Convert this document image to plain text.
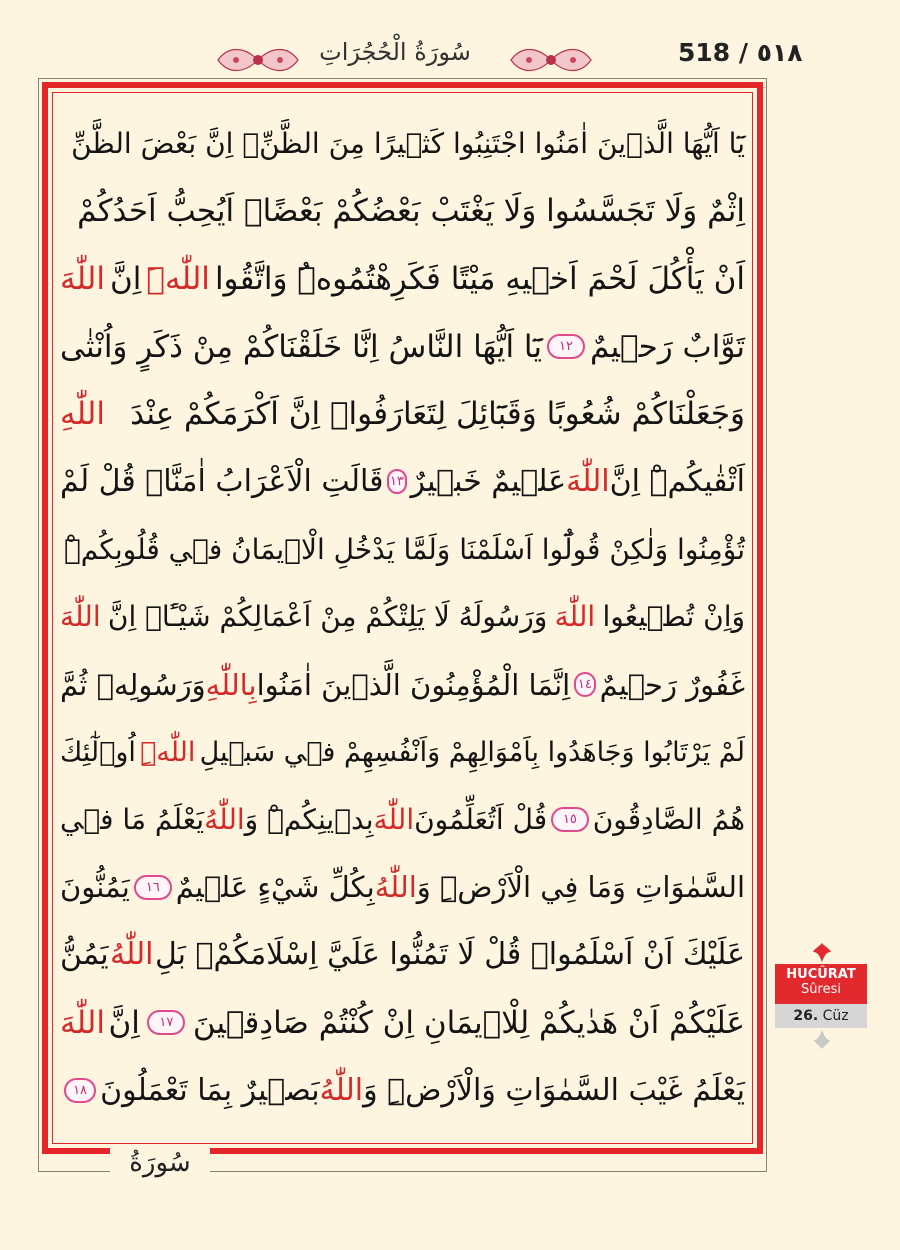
518 / ٥١٨
سُورَةُ الْحُجُرَاتِ
يَٓا اَيُّهَا الَّذ۪ينَ اٰمَنُوا اجْتَنِبُوا كَث۪يرًا مِنَ الظَّنِّۘ اِنَّ بَعْضَ الظَّنِّ
اِثْمٌ وَلَا تَجَسَّسُوا وَلَا يَغْتَبْ بَعْضُكُمْ بَعْضًاۜ اَيُحِبُّ اَحَدُكُمْ
اَنْ يَأْكُلَ لَحْمَ اَخ۪يهِ مَيْتًا فَكَرِهْتُمُوهُۜ وَاتَّقُوا
اللّٰهَۜ
اِنَّ
اللّٰهَ
تَوَّابٌ رَح۪يمٌ
١٢
يَٓا اَيُّهَا النَّاسُ اِنَّا خَلَقْنَاكُمْ مِنْ ذَكَرٍ وَاُنْثٰى
وَجَعَلْنَاكُمْ شُعُوبًا وَقَبَٓائِلَ لِتَعَارَفُواۜ اِنَّ اَكْرَمَكُمْ عِنْدَ
اللّٰهِ
اَتْقٰيكُمْۜ اِنَّ
اللّٰهَ
عَل۪يمٌ خَب۪يرٌ
١٣
قَالَتِ الْاَعْرَابُ اٰمَنَّاۜ قُلْ لَمْ
تُؤْمِنُوا وَلٰكِنْ قُولُٓوا اَسْلَمْنَا وَلَمَّا يَدْخُلِ الْا۪يمَانُ ف۪ي قُلُوبِكُمْۜ
وَاِنْ تُط۪يعُوا
اللّٰهَ
وَرَسُولَهُ لَا يَلِتْكُمْ مِنْ اَعْمَالِكُمْ شَيْـًٔاۜ اِنَّ
اللّٰهَ
غَفُورٌ رَح۪يمٌ
١٤
اِنَّمَا الْمُؤْمِنُونَ الَّذ۪ينَ اٰمَنُوا
بِاللّٰهِ
وَرَسُولِه۪ ثُمَّ
لَمْ يَرْتَابُوا وَجَاهَدُوا بِاَمْوَالِهِمْ وَاَنْفُسِهِمْ ف۪ي سَب۪يلِ
اللّٰهِۜ
اُو۬لٰٓئِكَ
هُمُ الصَّادِقُونَ
١٥
قُلْ اَتُعَلِّمُونَ
اللّٰهَ
بِد۪ينِكُمْۜ وَ
اللّٰهُ
يَعْلَمُ مَا ف۪ي
السَّمٰوَاتِ وَمَا فِي الْاَرْضِۜ وَ
اللّٰهُ
بِكُلِّ شَيْءٍ عَل۪يمٌ
١٦
يَمُنُّونَ
عَلَيْكَ اَنْ اَسْلَمُواۜ قُلْ لَا تَمُنُّوا عَلَيَّ اِسْلَامَكُمْۚ بَلِ
اللّٰهُ
يَمُنُّ
عَلَيْكُمْ اَنْ هَدٰيكُمْ لِلْا۪يمَانِ اِنْ كُنْتُمْ صَادِق۪ينَ
١٧
اِنَّ
اللّٰهَ
يَعْلَمُ غَيْبَ السَّمٰوَاتِ وَالْاَرْضِۜ وَ
اللّٰهُ
بَص۪يرٌ بِمَا تَعْمَلُونَ
١٨
سُورَةُ
HUCÛRAT
Sûresi
26. Cüz
